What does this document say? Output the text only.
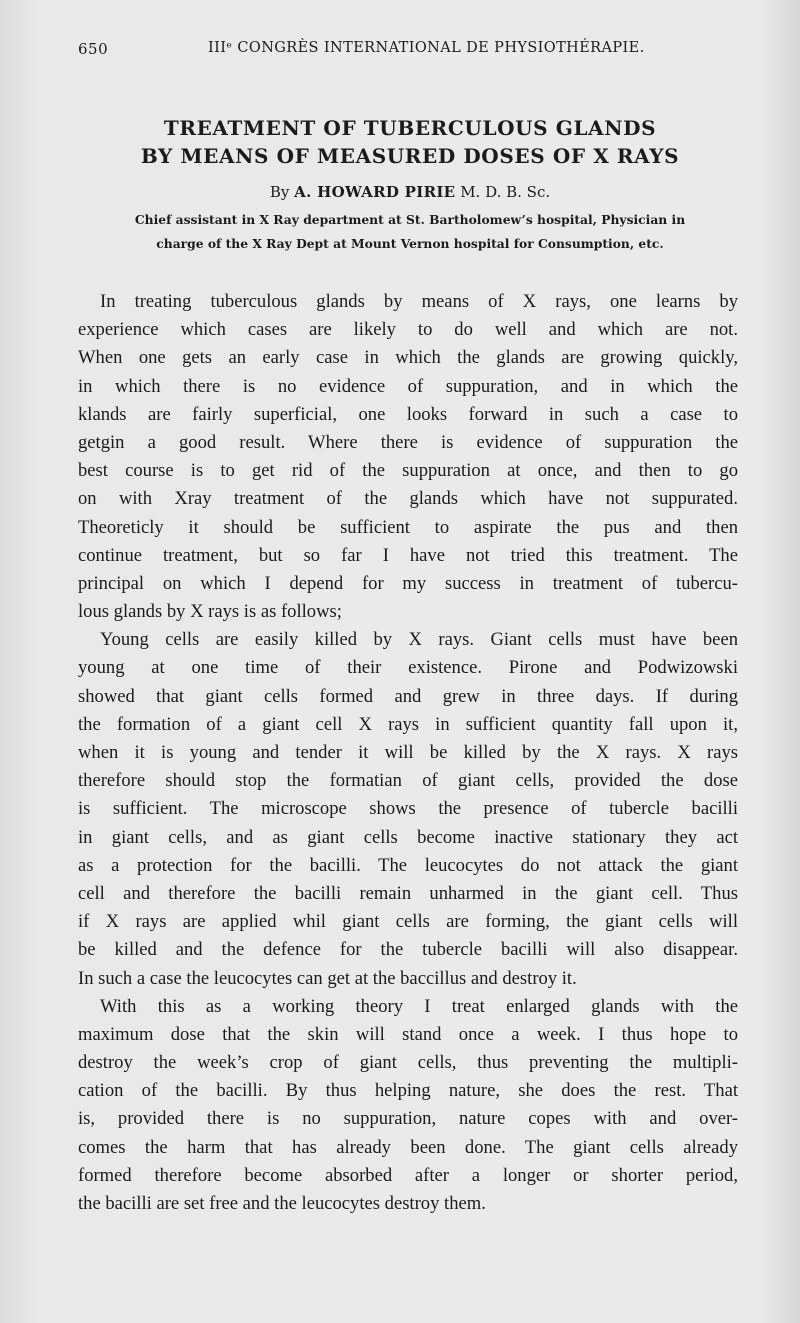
650	IIIᵉ CONGRÈS INTERNATIONAL DE PHYSIOTHÉRAPIE.
TREATMENT OF TUBERCULOUS GLANDS
BY MEANS OF MEASURED DOSES OF X RAYS
By A. HOWARD PIRIE M. D. B. Sc.
Chief assistant in X Ray department at St. Bartholomew’s hospital, Physician in
charge of the X Ray Dept at Mount Vernon hospital for Consumption, etc.
In treating tuberculous glands by means of X rays, one learns by
experience which cases are likely to do well and which are not.
When one gets an early case in which the glands are growing quickly,
in which there is no evidence of suppuration, and in which the
klands are fairly superficial, one looks forward in such a case to
getgin a good result. Where there is evidence of suppuration the
best course is to get rid of the suppuration at once, and then to go
on with Xray treatment of the glands which have not suppurated.
Theoreticly it should be sufficient to aspirate the pus and then
continue treatment, but so far I have not tried this treatment. The
principal on which I depend for my success in treatment of tubercu-
lous glands by X rays is as follows;
Young cells are easily killed by X rays. Giant cells must have been
young at one time of their existence. Pirone and Podwizowski
showed that giant cells formed and grew in three days. If during
the formation of a giant cell X rays in sufficient quantity fall upon it,
when it is young and tender it will be killed by the X rays. X rays
therefore should stop the formatian of giant cells, provided the dose
is sufficient. The microscope shows the presence of tubercle bacilli
in giant cells, and as giant cells become inactive stationary they act
as a protection for the bacilli. The leucocytes do not attack the giant
cell and therefore the bacilli remain unharmed in the giant cell. Thus
if X rays are applied whil giant cells are forming, the giant cells will
be killed and the defence for the tubercle bacilli will also disappear.
In such a case the leucocytes can get at the baccillus and destroy it.
With this as a working theory I treat enlarged glands with the
maximum dose that the skin will stand once a week. I thus hope to
destroy the week’s crop of giant cells, thus preventing the multipli-
cation of the bacilli. By thus helping nature, she does the rest. That
is, provided there is no suppuration, nature copes with and over-
comes the harm that has already been done. The giant cells already
formed therefore become absorbed after a longer or shorter period,
the bacilli are set free and the leucocytes destroy them.
